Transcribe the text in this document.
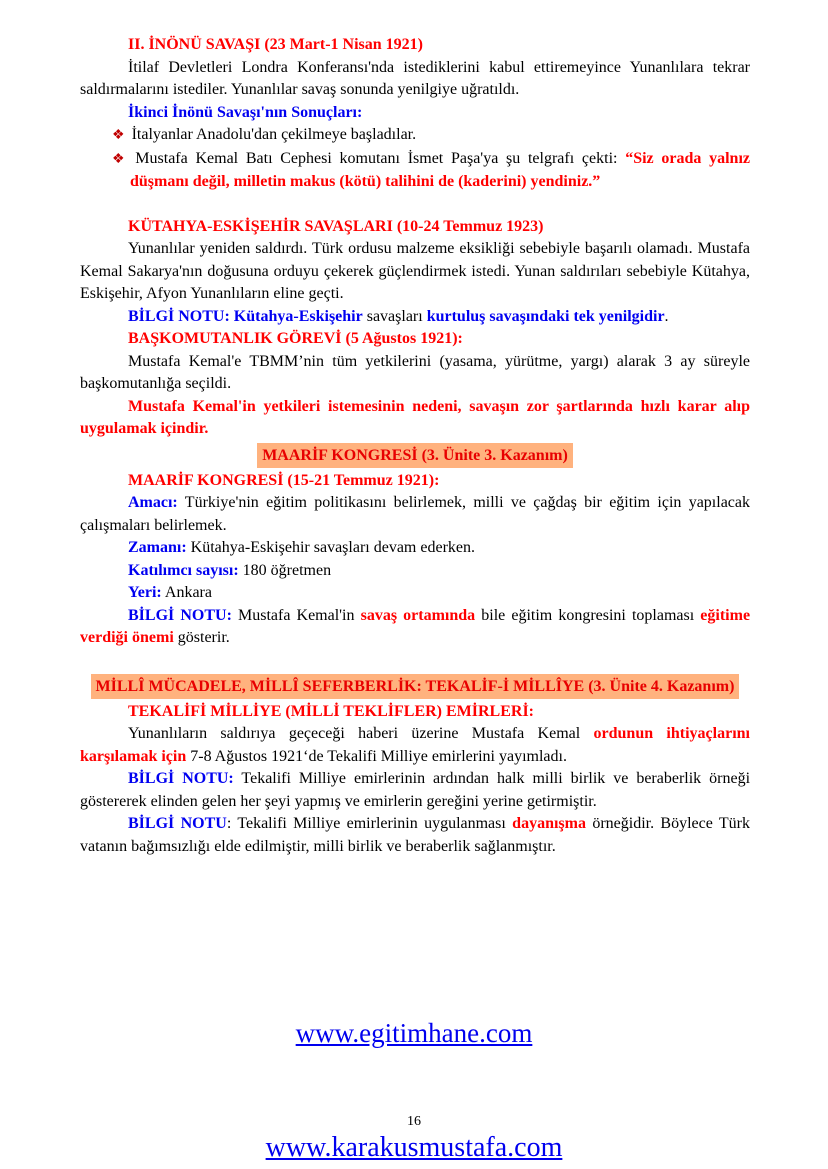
II. İNÖNÜ SAVAŞI (23 Mart-1 Nisan 1921)

İtilaf Devletleri Londra Konferansı'nda istediklerini kabul ettiremeyince Yunanlılara tekrar saldırmalarını istediler. Yunanlılar savaş sonunda yenilgiye uğratıldı.

İkinci İnönü Savaşı'nın Sonuçları:

❖ İtalyanlar Anadolu'dan çekilmeye başladılar.
❖ Mustafa Kemal Batı Cephesi komutanı İsmet Paşa'ya şu telgrafı çekti: “Siz orada yalnız düşmanı değil, milletin makus (kötü) talihini de (kaderini) yendiniz.”

KÜTAHYA-ESKİŞEHİR SAVAŞLARI (10-24 Temmuz 1923)

Yunanlılar yeniden saldırdı. Türk ordusu malzeme eksikliği sebebiyle başarılı olamadı. Mustafa Kemal Sakarya'nın doğusuna orduyu çekerek güçlendirmek istedi. Yunan saldırıları sebebiyle Kütahya, Eskişehir, Afyon Yunanlıların eline geçti.

BİLGİ NOTU: Kütahya-Eskişehir savaşları kurtuluş savaşındaki tek yenilgidir.

BAŞKOMUTANLIK GÖREVİ (5 Ağustos 1921):

Mustafa Kemal'e TBMM’nin tüm yetkilerini (yasama, yürütme, yargı) alarak 3 ay süreyle başkomutanlığa seçildi.

Mustafa Kemal'in yetkileri istemesinin nedeni, savaşın zor şartlarında hızlı karar alıp uygulamak içindir.

MAARİF KONGRESİ (3. Ünite 3. Kazanım)

MAARİF KONGRESİ (15-21 Temmuz 1921):

Amacı: Türkiye'nin eğitim politikasını belirlemek, milli ve çağdaş bir eğitim için yapılacak çalışmaları belirlemek.

Zamanı: Kütahya-Eskişehir savaşları devam ederken.

Katılımcı sayısı: 180 öğretmen

Yeri: Ankara

BİLGİ NOTU: Mustafa Kemal'in savaş ortamında bile eğitim kongresini toplaması eğitime verdiği önemi gösterir.

MİLLÎ MÜCADELE, MİLLÎ SEFERBERLİK: TEKALİF-İ MİLLÎYE (3. Ünite 4. Kazanım)

TEKALİFİ MİLLİYE (MİLLİ TEKLİFLER) EMİRLERİ:

Yunanlıların saldırıya geçeceği haberi üzerine Mustafa Kemal ordunun ihtiyaçlarını karşılamak için 7-8 Ağustos 1921‘de Tekalifi Milliye emirlerini yayımladı.

BİLGİ NOTU: Tekalifi Milliye emirlerinin ardından halk milli birlik ve beraberlik örneği göstererek elinden gelen her şeyi yapmış ve emirlerin gereğini yerine getirmiştir.

BİLGİ NOTU: Tekalifi Milliye emirlerinin uygulanması dayanışma örneğidir. Böylece Türk vatanın bağımsızlığı elde edilmiştir, milli birlik ve beraberlik sağlanmıştır.

www.egitimhane.com
16
www.karakusmustafa.com
